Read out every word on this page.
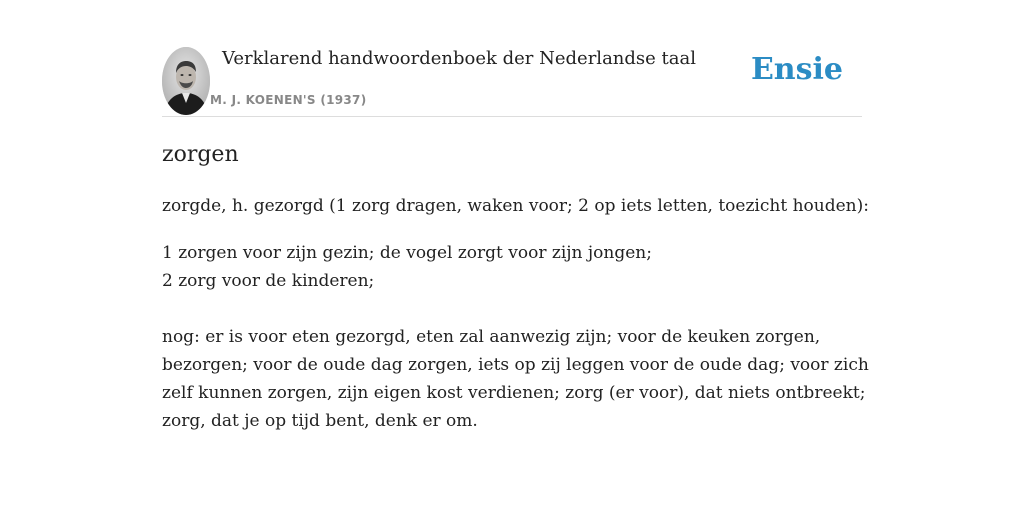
Verklarend handwoordenboek der Nederlandse taal
M. J. KOENEN'S (1937)
Ensie
zorgen

zorgde, h. gezorgd (1 zorg dragen, waken voor; 2 op iets letten, toezicht houden):

1 zorgen voor zijn gezin; de vogel zorgt voor zijn jongen;
2 zorg voor de kinderen;
nog: er is voor eten gezorgd, eten zal aanwezig zijn; voor de keuken zorgen,
bezorgen; voor de oude dag zorgen, iets op zij leggen voor de oude dag; voor zich
zelf kunnen zorgen, zijn eigen kost verdienen; zorg (er voor), dat niets ontbreekt;
zorg, dat je op tijd bent, denk er om.
